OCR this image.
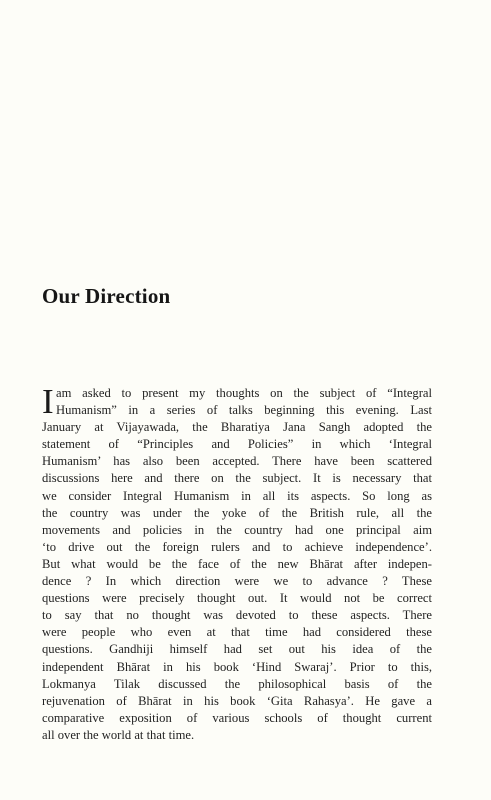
Our Direction
I am asked to present my thoughts on the subject of “Integral
Humanism” in a series of talks beginning this evening. Last
January at Vijayawada, the Bharatiya Jana Sangh adopted the
statement of “Principles and Policies” in which ‘Integral
Humanism’ has also been accepted. There have been scattered
discussions here and there on the subject. It is necessary that
we consider Integral Humanism in all its aspects. So long as
the country was under the yoke of the British rule, all the
movements and policies in the country had one principal aim
‘to drive out the foreign rulers and to achieve independence’.
But what would be the face of the new Bhārat after indepen-
dence ? In which direction were we to advance ? These
questions were precisely thought out. It would not be correct
to say that no thought was devoted to these aspects. There
were people who even at that time had considered these
questions. Gandhiji himself had set out his idea of the
independent Bhārat in his book ‘Hind Swaraj’. Prior to this,
Lokmanya Tilak discussed the philosophical basis of the
rejuvenation of Bhārat in his book ‘Gita Rahasya’. He gave a
comparative exposition of various schools of thought current
all over the world at that time.
